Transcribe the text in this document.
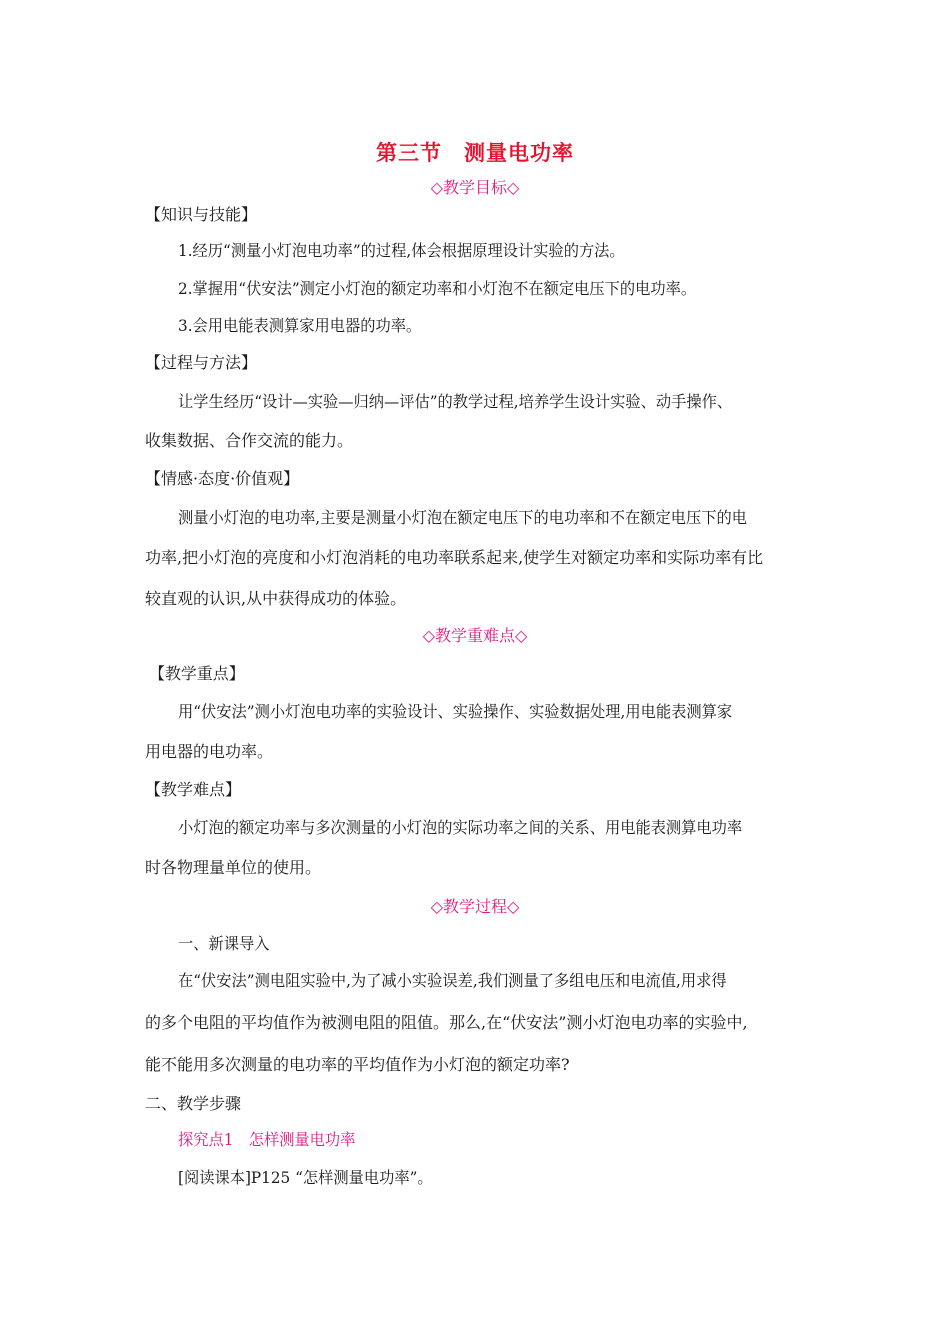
第三节　测量电功率
◇教学目标◇
【知识与技能】
1.经历“测量小灯泡电功率”的过程,体会根据原理设计实验的方法。
2.掌握用“伏安法”测定小灯泡的额定功率和小灯泡不在额定电压下的电功率。
3.会用电能表测算家用电器的功率。
【过程与方法】
让学生经历“设计—实验—归纳—评估”的教学过程,培养学生设计实验、动手操作、
收集数据、合作交流的能力。
【情感·态度·价值观】
测量小灯泡的电功率,主要是测量小灯泡在额定电压下的电功率和不在额定电压下的电
功率,把小灯泡的亮度和小灯泡消耗的电功率联系起来,使学生对额定功率和实际功率有比
较直观的认识,从中获得成功的体验。
◇教学重难点◇
【教学重点】
用“伏安法”测小灯泡电功率的实验设计、实验操作、实验数据处理,用电能表测算家
用电器的电功率。
【教学难点】
小灯泡的额定功率与多次测量的小灯泡的实际功率之间的关系、用电能表测算电功率
时各物理量单位的使用。
◇教学过程◇
一、新课导入
在“伏安法”测电阻实验中,为了减小实验误差,我们测量了多组电压和电流值,用求得
的多个电阻的平均值作为被测电阻的阻值。那么,在“伏安法”测小灯泡电功率的实验中,
能不能用多次测量的电功率的平均值作为小灯泡的额定功率?
二、教学步骤
探究点1　怎样测量电功率
[阅读课本]P125 “怎样测量电功率”。
